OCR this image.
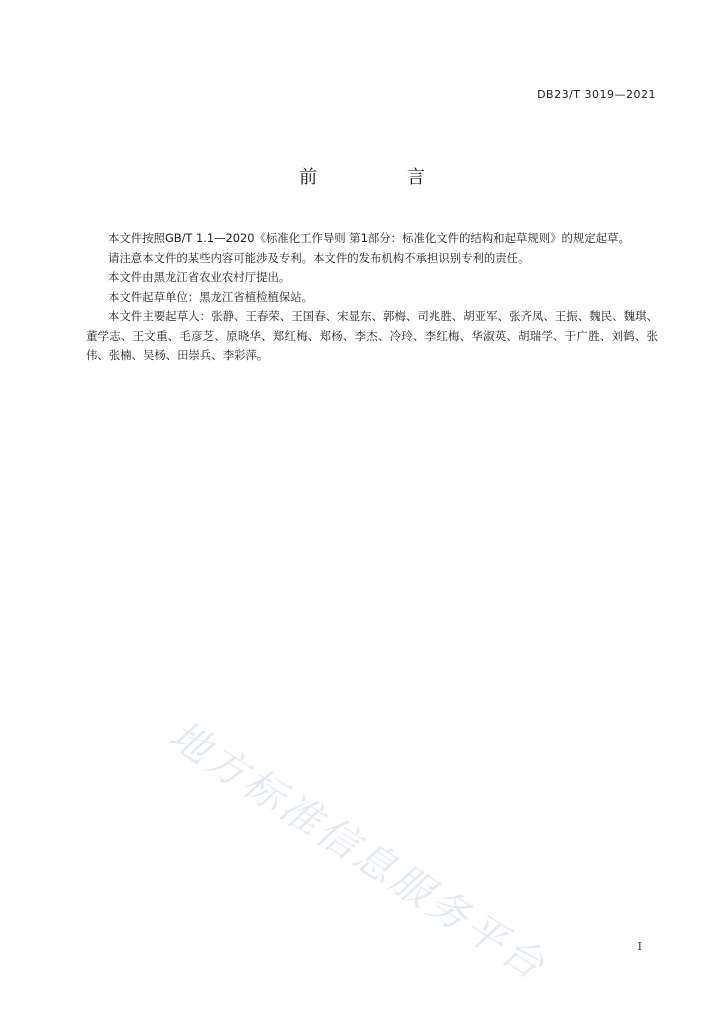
DB23/T 3019—2021
前 言

本文件按照GB/T 1.1—2020《标准化工作导则 第1部分：标准化文件的结构和起草规则》的规定起草。

请注意本文件的某些内容可能涉及专利。本文件的发布机构不承担识别专利的责任。

本文件由黑龙江省农业农村厅提出。

本文件起草单位：黑龙江省植检植保站。

本文件主要起草人：张静、王春荣、王国春、宋显东、郭梅、司兆胜、胡亚军、张齐凤、王振、魏民、魏琪、董学志、王文重、毛彦芝、原晓华、郑红梅、郑杨、李杰、冷玲、李红梅、华淑英、胡瑞学、于广胜、刘鹤、张伟、张楠、吴杨、田崇兵、李彩萍。

地方标准信息服务平台	I
